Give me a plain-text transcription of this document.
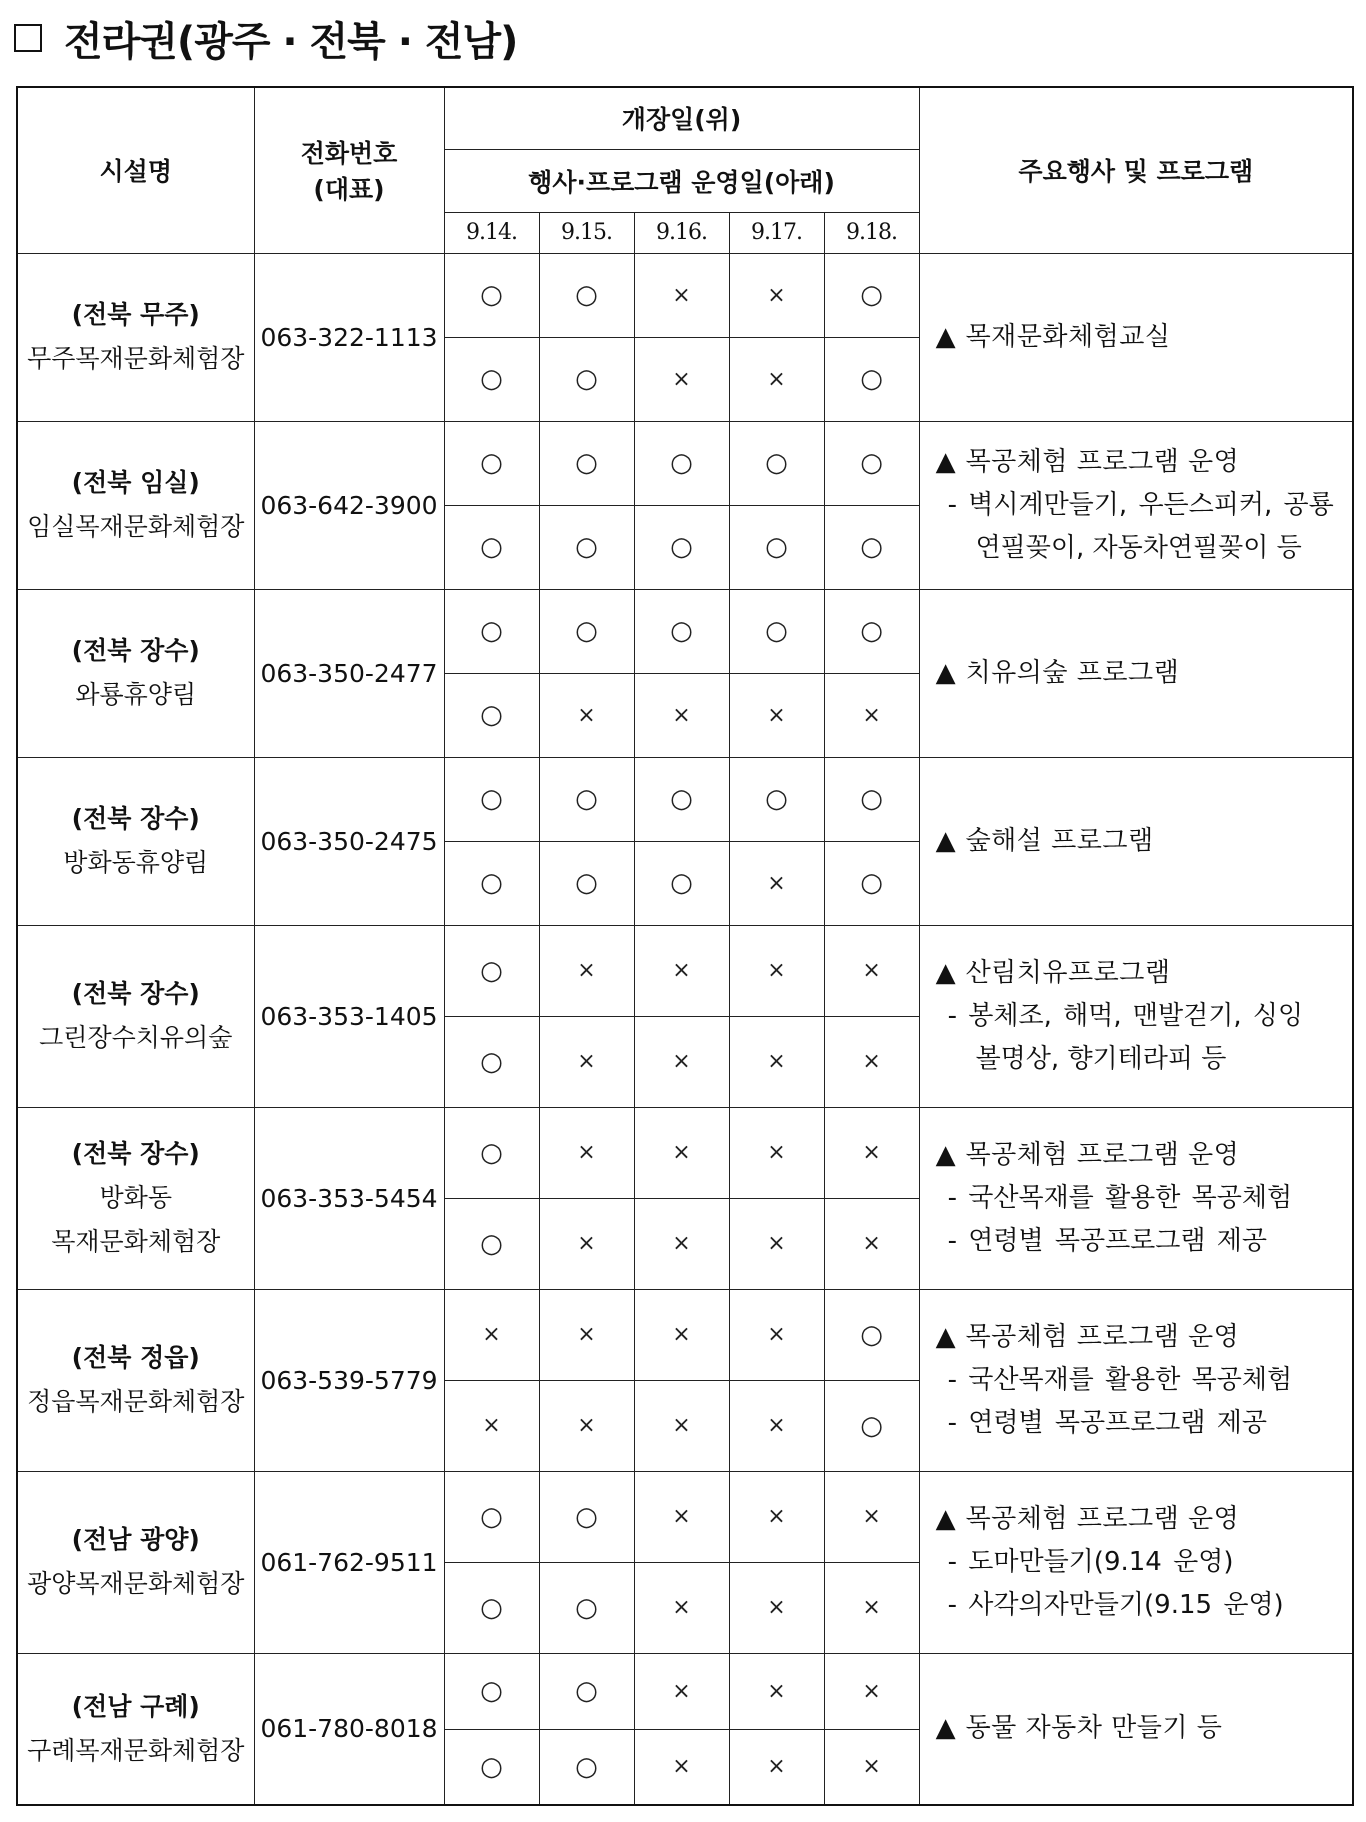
전라권(광주 · 전북 · 전남)
시설명	전화번호
(대표)	개장일(위)					주요행사 및 프로그램
		행사·프로그램 운영일(아래)					
		9.14.	9.15.	9.16.	9.17.	9.18.	

(전북 무주)
무주목재문화체험장	063-322-1113	○	○	×	×	○	▲ 목재문화체험교실

		○	○	×	×	○	

(전북 임실)
임실목재문화체험장	063-642-3900	○	○	○	○	○	▲ 목공체험 프로그램 운영
- 벽시계만들기, 우든스피커, 공룡
연필꽂이, 자동차연필꽂이 등

		○	○	○	○	○	

(전북 장수)
와룡휴양림	063-350-2477	○	○	○	○	○	▲ 치유의숲 프로그램

		○	×	×	×	×	

(전북 장수)
방화동휴양림	063-350-2475	○	○	○	○	○	▲ 숲해설 프로그램

		○	○	○	×	○	

(전북 장수)
그린장수치유의숲	063-353-1405	○	×	×	×	×	▲ 산림치유프로그램
- 봉체조, 해먹, 맨발걷기, 싱잉
볼명상, 향기테라피 등

		○	×	×	×	×	

(전북 장수)
방화동
목재문화체험장	063-353-5454	○	×	×	×	×	▲ 목공체험 프로그램 운영
- 국산목재를 활용한 목공체험
- 연령별 목공프로그램 제공

		○	×	×	×	×	

(전북 정읍)
정읍목재문화체험장	063-539-5779	×	×	×	×	○	▲ 목공체험 프로그램 운영
- 국산목재를 활용한 목공체험
- 연령별 목공프로그램 제공

		×	×	×	×	○	

(전남 광양)
광양목재문화체험장	061-762-9511	○	○	×	×	×	▲ 목공체험 프로그램 운영
- 도마만들기(9.14 운영)
- 사각의자만들기(9.15 운영)

		○	○	×	×	×	

(전남 구례)
구례목재문화체험장	061-780-8018	○	○	×	×	×	▲ 동물 자동차 만들기 등

		○	○	×	×	×	
